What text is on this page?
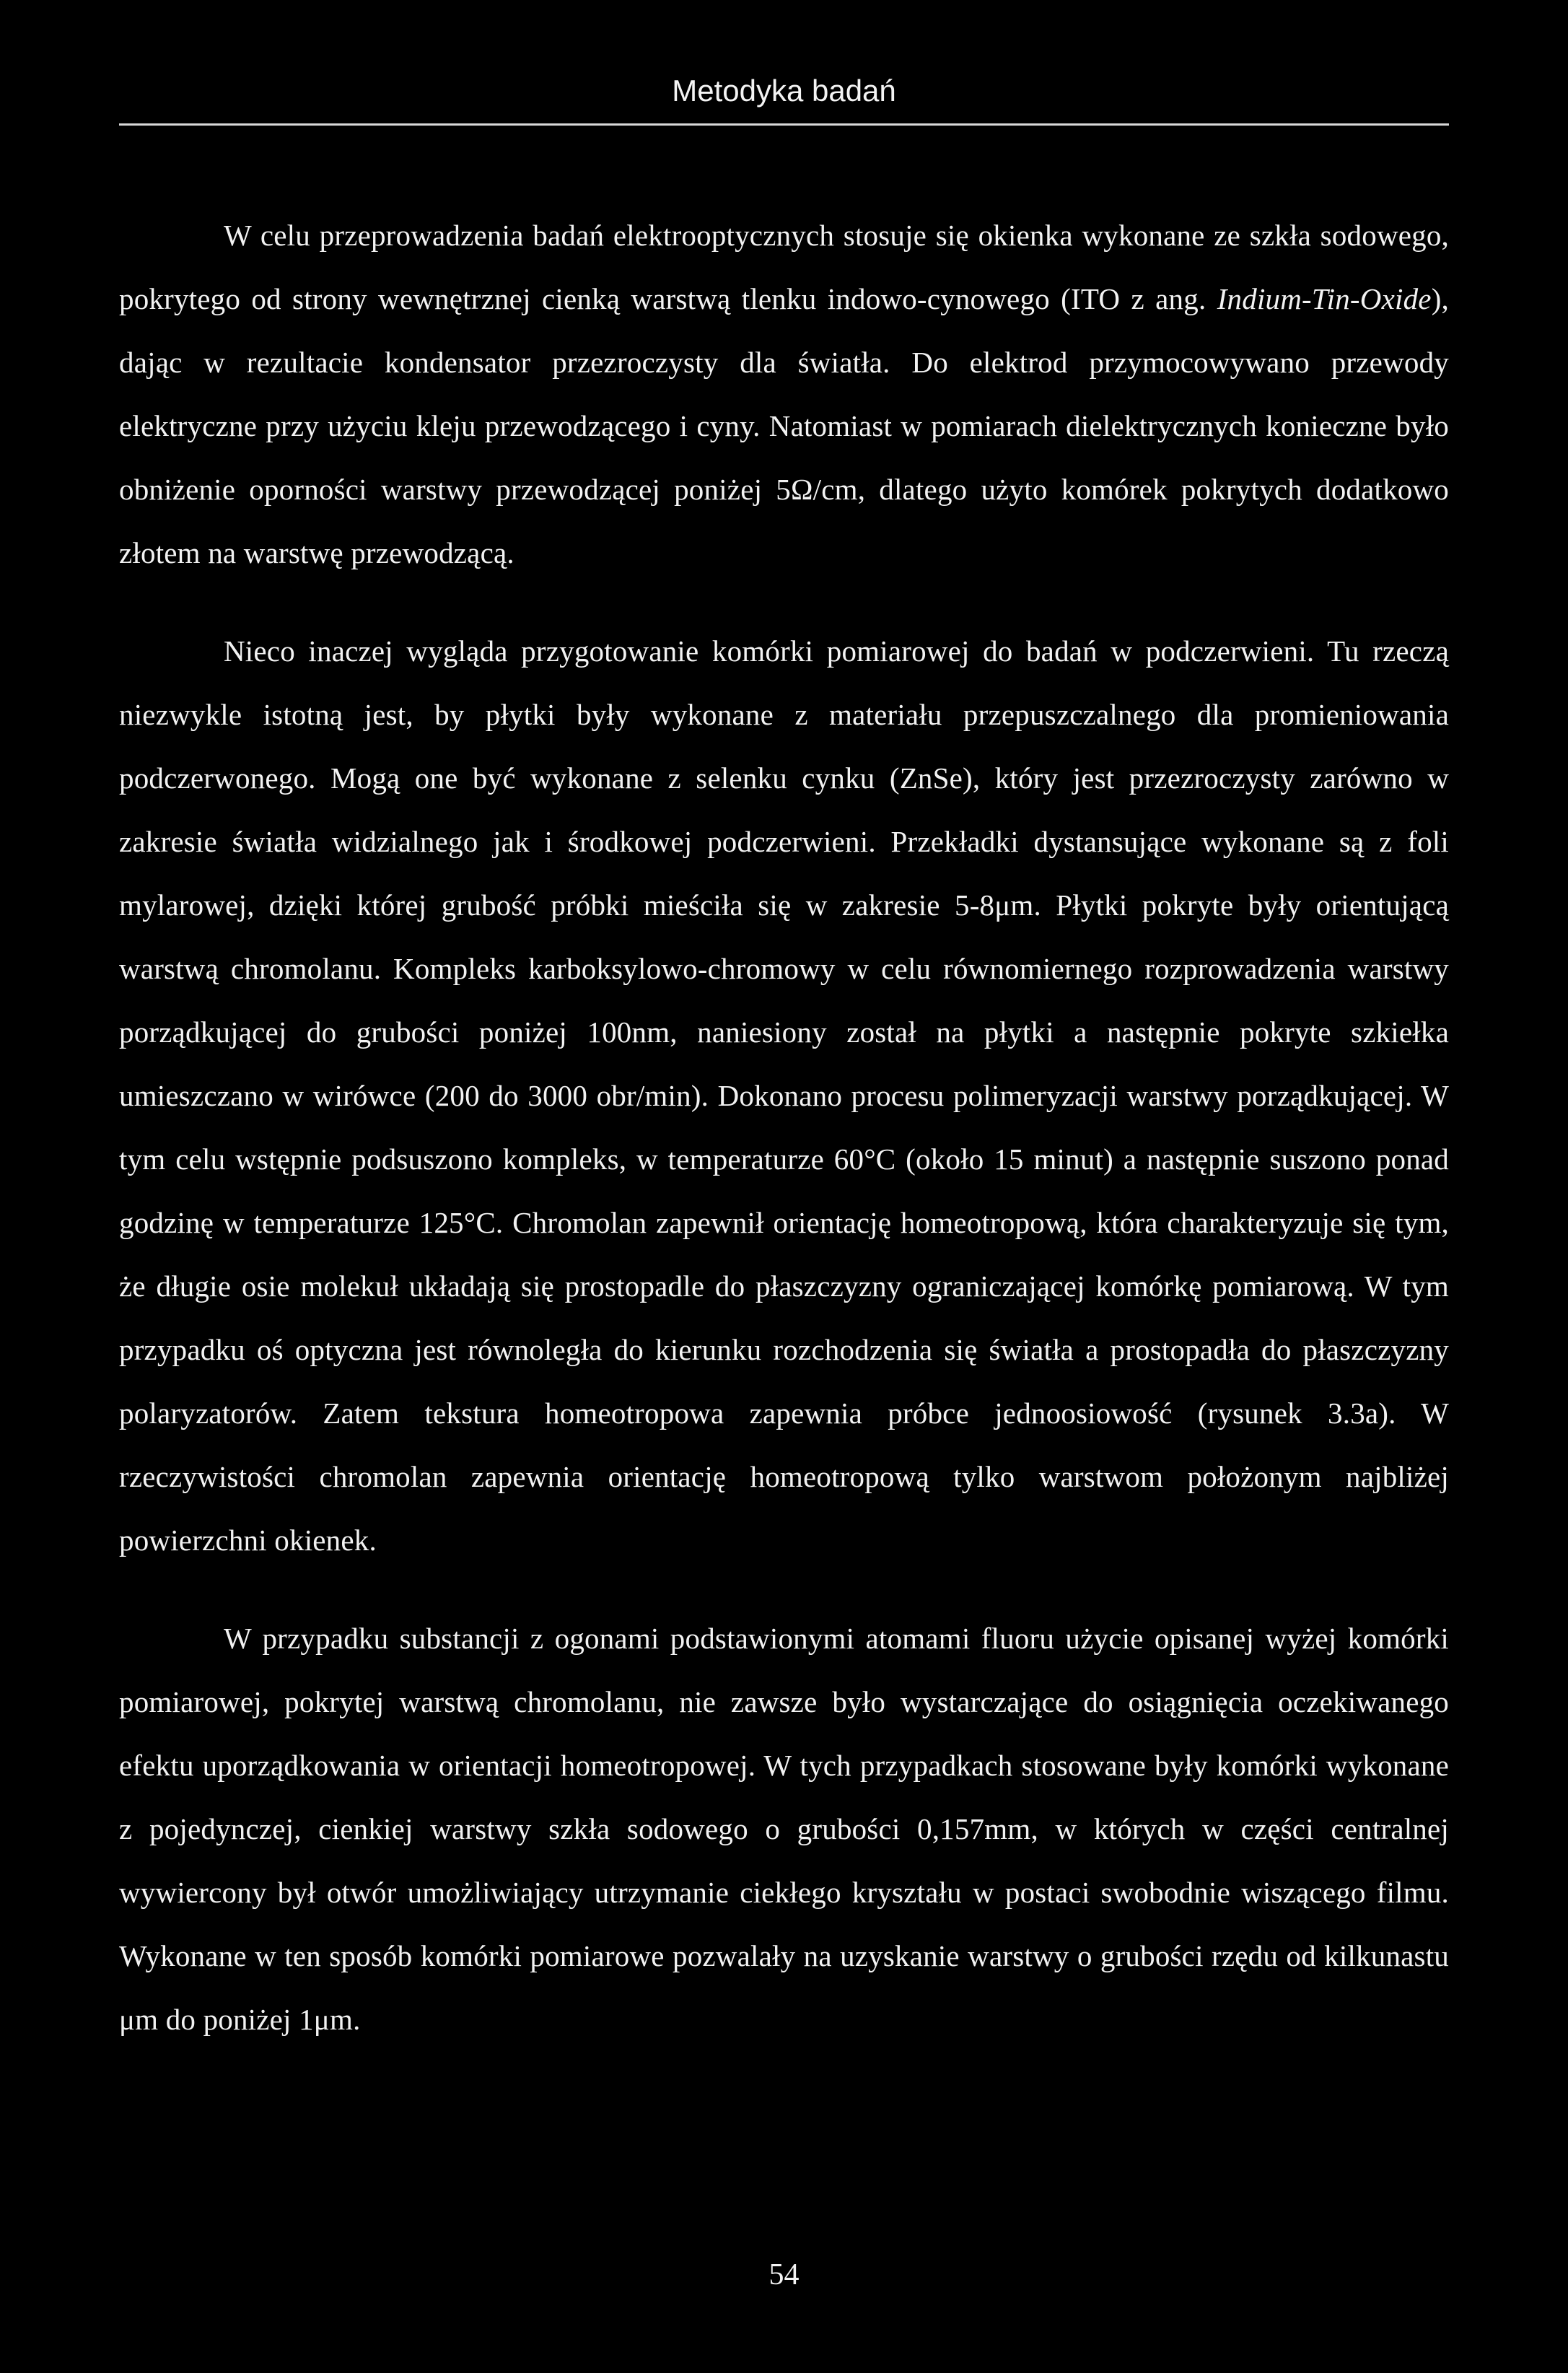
Metodyka badań

W celu przeprowadzenia badań elektrooptycznych stosuje się okienka wykonane ze szkła sodowego, pokrytego od strony wewnętrznej cienką warstwą tlenku indowo-cynowego (ITO z ang. Indium-Tin-Oxide), dając w rezultacie kondensator przezroczysty dla światła. Do elektrod przymocowywano przewody elektryczne przy użyciu kleju przewodzącego i cyny. Natomiast w pomiarach dielektrycznych konieczne było obniżenie oporności warstwy przewodzącej poniżej 5Ω/cm, dlatego użyto komórek pokrytych dodatkowo złotem na warstwę przewodzącą.

Nieco inaczej wygląda przygotowanie komórki pomiarowej do badań w podczerwieni. Tu rzeczą niezwykle istotną jest, by płytki były wykonane z materiału przepuszczalnego dla promieniowania podczerwonego. Mogą one być wykonane z selenku cynku (ZnSe), który jest przezroczysty zarówno w zakresie światła widzialnego jak i środkowej podczerwieni. Przekładki dystansujące wykonane są z foli mylarowej, dzięki której grubość próbki mieściła się w zakresie 5-8μm. Płytki pokryte były orientującą warstwą chromolanu. Kompleks karboksylowo-chromowy w celu równomiernego rozprowadzenia warstwy porządkującej do grubości poniżej 100nm, naniesiony został na płytki a następnie pokryte szkiełka umieszczano w wirówce (200 do 3000 obr/min). Dokonano procesu polimeryzacji warstwy porządkującej. W tym celu wstępnie podsuszono kompleks, w temperaturze 60°C (około 15 minut) a następnie suszono ponad godzinę w temperaturze 125°C. Chromolan zapewnił orientację homeotropową, która charakteryzuje się tym, że długie osie molekuł układają się prostopadle do płaszczyzny ograniczającej komórkę pomiarową. W tym przypadku oś optyczna jest równoległa do kierunku rozchodzenia się światła a prostopadła do płaszczyzny polaryzatorów. Zatem tekstura homeotropowa zapewnia próbce jednoosiowość (rysunek 3.3a). W rzeczywistości chromolan zapewnia orientację homeotropową tylko warstwom położonym najbliżej powierzchni okienek.

W przypadku substancji z ogonami podstawionymi atomami fluoru użycie opisanej wyżej komórki pomiarowej, pokrytej warstwą chromolanu, nie zawsze było wystarczające do osiągnięcia oczekiwanego efektu uporządkowania w orientacji homeotropowej. W tych przypadkach stosowane były komórki wykonane z pojedynczej, cienkiej warstwy szkła sodowego o grubości 0,157mm, w których w części centralnej wywiercony był otwór umożliwiający utrzymanie ciekłego kryształu w postaci swobodnie wiszącego filmu. Wykonane w ten sposób komórki pomiarowe pozwalały na uzyskanie warstwy o grubości rzędu od kilkunastu μm do poniżej 1μm.

54
